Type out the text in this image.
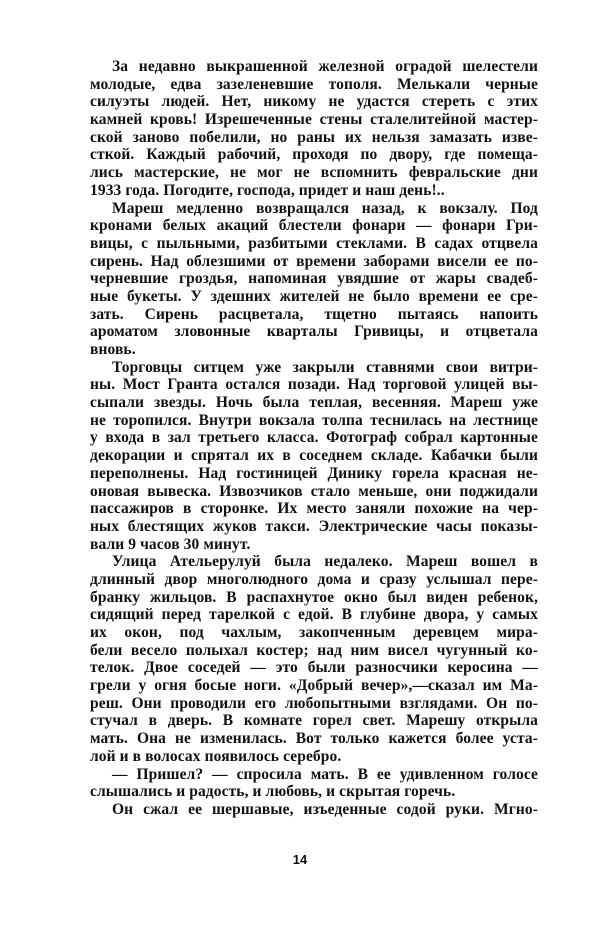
За недавно выкрашенной железной оградой шелестели
молодые, едва зазеленевшие тополя. Мелькали черные
силуэты людей. Нет, никому не удастся стереть с этих
камней кровь! Изрешеченные стены сталелитейной мастер-
ской заново побелили, но раны их нельзя замазать изве-
сткой. Каждый рабочий, проходя по двору, где помеща-
лись мастерские, не мог не вспомнить февральские дни
1933 года. Погодите, господа, придет и наш день!..
Мареш медленно возвращался назад, к вокзалу. Под
кронами белых акаций блестели фонари — фонари Гри-
вицы, с пыльными, разбитыми стеклами. В садах отцвела
сирень. Над облезшими от времени заборами висели ее по-
черневшие гроздья, напоминая увядшие от жары свадеб-
ные букеты. У здешних жителей не было времени ее сре-
зать. Сирень расцветала, тщетно пытаясь напоить
ароматом зловонные кварталы Гривицы, и отцветала
вновь.
Торговцы ситцем уже закрыли ставнями свои витри-
ны. Мост Гранта остался позади. Над торговой улицей вы-
сыпали звезды. Ночь была теплая, весенняя. Мареш уже
не торопился. Внутри вокзала толпа теснилась на лестнице
у входа в зал третьего класса. Фотограф собрал картонные
декорации и спрятал их в соседнем складе. Кабачки были
переполнены. Над гостиницей Динику горела красная не-
оновая вывеска. Извозчиков стало меньше, они поджидали
пассажиров в сторонке. Их место заняли похожие на чер-
ных блестящих жуков такси. Электрические часы показы-
вали 9 часов 30 минут.
Улица Ательерулуй была недалеко. Мареш вошел в
длинный двор многолюдного дома и сразу услышал пере-
бранку жильцов. В распахнутое окно был виден ребенок,
сидящий перед тарелкой с едой. В глубине двора, у самых
их окон, под чахлым, закопченным деревцем мира-
бели весело полыхал костер; над ним висел чугунный ко-
телок. Двое соседей — это были разносчики керосина —
грели у огня босые ноги. «Добрый вечер»,—сказал им Ма-
реш. Они проводили его любопытными взглядами. Он по-
стучал в дверь. В комнате горел свет. Марешу открыла
мать. Она не изменилась. Вот только кажется более уста-
лой и в волосах появилось серебро.
— Пришел? — спросила мать. В ее удивленном голосе
слышались и радость, и любовь, и скрытая горечь.
Он сжал ее шершавые, изъеденные содой руки. Мгно-
14
